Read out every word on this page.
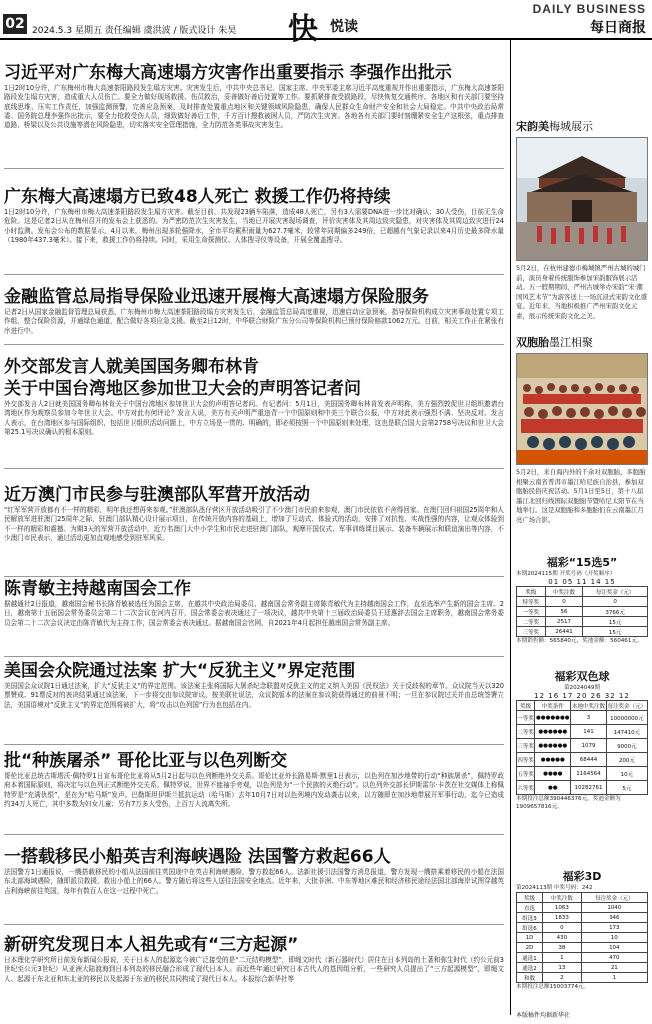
02 2024.5.3 星期五 责任编辑 虞洪波 / 版式设计 朱昊 快 悦读
DAILY BUSINESS
每日商报
习近平对广东梅大高速塌方灾害作出重要指示 李强作出批示

1日2时10分许，广东梅州市梅大高速茶阳路段发生塌方灾害。灾害发生后，中共中央总书记、国家主席、中央军委主席习近平高度重视并作出重要指示，广东梅大高速茶阳路段发生塌方灾害，造成重大人员伤亡。要全力做好现场救援、伤员救治，妥善做好善后处置等工作。要抓紧排查受损路段，尽快恢复交通秩序。各地区和有关部门要坚持底线思维、压实工作责任，加强监测预警，完善应急预案，及时排查处置重点地区和关键领域风险隐患，确保人民群众生命财产安全和社会大局稳定。中共中央政治局常委、国务院总理李强作出批示，要全力抢救受伤人员，细致做好善后工作，千方百计搜救被困人员，严防次生灾害。各地各有关部门要时刻绷紧安全生产这根弦，重点排查道路、桥梁以及公共设施等潜在风险隐患，切实落实安全管理措施，全力防范各类事故灾害发生。

广东梅大高速塌方已致48人死亡 救援工作仍将持续

1日2时10分许，广东梅州市梅大高速茶阳路段发生塌方灾害。截至目前，共发现23辆车陷落，造成48人死亡，另有3人需要DNA进一步比对确认；30人受伤，目前无生命危险。这是记者2日从在梅州召开的发布会上获悉的。为严密防范次生灾害发生，当地已开展灾害现场调查，评价灾害体及其周边致灾隐患，对灾害体及其周边致灾进行24小时监测。发布会公布的数据显示，4月以来，梅州出现多轮强降水，全市平均累积雨量为627.7毫米，较常年同期偏多249倍，已超越有气象记录以来4月历史最多降水量（1980年437.3毫米）。接下来，救援工作仍将持续。同时，采用生命探测仪、人体搜寻仪等设备，开展全覆盖搜寻。

金融监管总局指导保险业迅速开展梅大高速塌方保险服务

记者2日从国家金融监督管理总局获悉，广东梅州市梅大高速茶阳路段塌方灾害发生后，金融监管总局高度重视，迅速启动应急预案，指导保险机构成立灾害事故处置专项工作组，整合保险资源，开通绿色通道，配合做好各项应急支援。截至2日12时，中华联合财险广东分公司等保险机构已预付保险赔款1062万元。目前，相关工作正在紧张有序进行中。

外交部发言人就美国国务卿布林肯
关于中国台湾地区参加世卫大会的声明答记者问

外交部发言人2日就美国国务卿布林肯关于中国台湾地区参加世卫大会的声明答记者问。有记者问：5月1日，美国国务卿布林肯发表声明称，美方强烈敦促世卫组织邀请台湾地区作为观察员参加今年世卫大会。中方对此有何评论？发言人说，美方有关声明严重违背一个中国原则和中美三个联合公报，中方对此表示强烈不满、坚决反对。发言人表示，在台湾地区参与国际组织，包括世卫组织活动问题上，中方立场是一贯的、明确的，即必须按照一个中国原则来处理，这也是联合国大会第2758号决议和世卫大会第25.1号决议确认的根本原则。

近万澳门市民参与驻澳部队军营开放活动

“红军军营开放都有不一样的精彩，明年我还想再来参观。”驻澳部队氹仔营区开放活动吸引了不少澳门市民前来参观，澳门市民依依不舍得回家。在澳门回归祖国25周年和人民解放军进驻澳门25周年之际，驻澳门部队精心设计展示项目，在传统开放内容的基础上，增加了互动式、体验式的活动，安排了对抗性、实战性强的内容，让观众体验到不一样的精彩和震撼。为期3天的军营开放活动中，近万名澳门大中小学生和市民走进驻澳门部队，观摩开国仪式、军事训练课目展示、装备车辆展示和联谊演出等内容，不少澳门市民表示，通过活动更加直观地感受到驻军风采。

陈青敏主持越南国会工作

据越通社2日报道，越南国会秘书长陈青敏被选任为国会主席，在越共中央政治局委员、越南国会常务副主席陈青敏代为主持越南国会工作，直至选举产生新的国会主席。2日，越南第十五届国会常务委员会第二十二次会议在河内召开，国会常委会表决通过了一项决议，越共中央第十三届政治局委员王廷惠辞去国会主席职务，越南国会常务委员会第二十二次会议决定由陈青敏代为主持工作，国会常委会表决通过。据越南国会官网，自2021年4月起担任越南国会常务副主席。

美国会众院通过法案 扩大“反犹主义”界定范围

美国国会众议院1日通过法案，扩大“反犹主义”的界定范围。该法案主张将国际大屠杀纪念联盟对反犹主义的定义纳入美国《民权法》关于反歧视的章节。众议院当天以320票赞成、91票反对的表决结果通过该法案，下一步将交由参议院审议。按美联社说法，众议院版本的法案在参议院获得通过的前景不明；一旦在参议院过关并由总统签署立法，美国语境对“反犹主义”的界定范围将被扩大，将“攻击以色列国”行为也包括在内。

批“种族屠杀” 哥伦比亚与以色列断交

哥伦比亚总统古斯塔沃·佩特罗1日宣布哥伦比亚将从5月2日起与以色列断绝外交关系。哥伦比亚外长路易斯·默里1日表示，以色列在加沙地带的行动“种族屠杀”，佩特罗政府本着国际原则，将决定与以色列正式断绝外交关系。佩特罗说，世界不能袖手旁观，以色列是为“一个民族的灭绝行动”。以色列外交部长伊斯雷尔·卡茨在社交媒体上称佩特罗是“充满仇恨”，是在为“哈马斯”发声。巴勒斯坦伊斯兰抵抗运动（哈马斯）去年10月7日对以色列境内发动袭击以来，以方随即在加沙地带展开军事行动，迄今已造成约34万人死亡，其中多数为妇女儿童；另有7万多人受伤，上百万人流离失所。

一搭载移民小船英吉利海峡遇险 法国警方救起66人

法国警方1日通报说，一艘搭载移民的小船从法国前往英国途中在英吉利海峡遇险，警方救起66人。法新社援引法国警方消息报道，警方发现一艘搭乘着移民的小船在法国东北部海域遇险，随即派员救援，救出小船上的66人。警方随后将这些人送往法国安全地点。近年来，大批非洲、中东等地区难民和经济移民途经法国北部海岸试图穿越英吉利海峡前往英国，每年有数百人在这一过程中死亡。

新研究发现日本人祖先或有“三方起源”

日本理化学研究所日前发布新闻公报说，关于日本人的起源迄今被广泛接受的是“二元结构模型”，即绳文时代（新石器时代）居住在日本列岛的土著和弥生时代（约公元前3世纪至公元3世纪）从亚洲大陆渡海到日本列岛的移民融合形成了现代日本人。而近些年通过研究日本古代人的基因组分析，一些研究人员提出了“三方起源模型”，即绳文人、起源于东北亚和东北亚的移民以及起源于东亚的移民共同构成了现代日本人。本报综合新华社等

宋韵美梅城展示
5月2日，在杭州建德市梅城镇严州古城的城门前，演员身着传统服饰参加宋韵服饰展示活动。五一假期期间，严州古城举办宋韵“宋·潮国风艺术节”为游客送上一场沉浸式宋韵文化盛宴。近年来，当地积极推广严州宋韵文化元素，展示传统宋韵文化之美。
双胞胎墨江相聚
5月2日，来自海内外的千余对双胞胎、多胞胎相聚云南省普洱市墨江哈尼族自治县，参加双胞胎民俗庆祝活动。5月1日至5日，第十八届墨江北回归线国际双胞胎节暨哈尼太阳节在当地举行。这是双胞胎和多胞胎们在云南墨江月亮广场合影。
福彩“15选5”
本期2024115期 开奖号码（开奖顺序）
01 05 11 14 15
奖级	中奖注数	每注奖金（元）
特等奖	0	0
一等奖	56	3766元
二等奖	2517	15元
三等奖	26441	15元
本期销售额：565840元，奖池金额：560461元。
福彩双色球
第2024049期
12 16 17 20 26 32 12
奖级	中奖条件	本地中奖注数	每注奖金（元）
一等奖	●●●●●●●	3	10000000元
二等奖	●●●●●●	141	147410元
三等奖	●●●●●●	1079	9000元
四等奖	●●●●●	68444	200元
五等奖	●●●●	1164564	10元
六等奖	●●	10282761	5元
本期投注总额390446376元，奖池金额为1909657816元。
福彩3D
第2024113期 中奖号码：242
奖级	中奖注数	每注奖金（元）
直选	1063	1040
组选3	1833	346
组选6	0	173
1D	430	10
2D	38	104
通选1	1	470
通选2	13	21
和数	2	1
本期投注总额15003774元。
本版稿件均据新华社
